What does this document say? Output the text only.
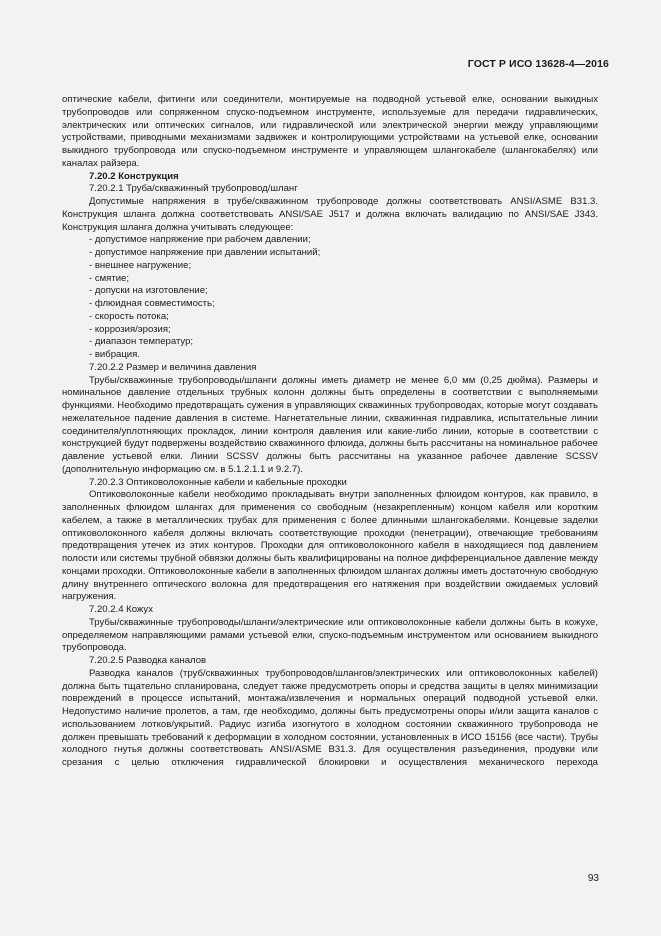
ГОСТ Р ИСО 13628-4—2016

оптические кабели, фитинги или соединители, монтируемые на подводной устьевой елке, основании выкидных трубопроводов или сопряженном спуско-подъемном инструменте, используемые для передачи гидравлических, электрических или оптических сигналов, или гидравлической или электрической энергии между управляющими устройствами, приводными механизмами задвижек и контролирующими устройствами на устьевой елке, основании выкидного трубопровода или спуско-подъемном инструменте и управляющем шлангокабеле (шлангокабелях) или каналах райзера.

7.20.2 Конструкция

7.20.2.1 Труба/скважинный трубопровод/шланг

Допустимые напряжения в трубе/скважинном трубопроводе должны соответствовать ANSI/ASME B31.3. Конструкция шланга должна соответствовать ANSI/SAE J517 и должна включать валидацию по ANSI/SAE J343. Конструкция шланга должна учитывать следующее:

- допустимое напряжение при рабочем давлении;

- допустимое напряжение при давлении испытаний;

- внешнее нагружение;

- смятие;

- допуски на изготовление;

- флюидная совместимость;

- скорость потока;

- коррозия/эрозия;

- диапазон температур;

- вибрация.

7.20.2.2 Размер и величина давления

Трубы/скважинные трубопроводы/шланги должны иметь диаметр не менее 6,0 мм (0,25 дюйма). Размеры и номинальное давление отдельных трубных колонн должны быть определены в соответствии с выполняемыми функциями. Необходимо предотвращать сужения в управляющих скважинных трубопроводах, которые могут создавать нежелательное падение давления в системе. Нагнетательные линии, скважинная гидравлика, испытательные линии соединителя/уплотняющих прокладок, линии контроля давления или какие-либо линии, которые в соответствии с конструкцией будут подвержены воздействию скважинного флюида, должны быть рассчитаны на номинальное рабочее давление устьевой елки. Линии SCSSV должны быть рассчитаны на указанное рабочее давление SCSSV (дополнительную информацию см. в 5.1.2.1.1 и 9.2.7).

7.20.2.3 Оптиковолоконные кабели и кабельные проходки

Оптиковолоконные кабели необходимо прокладывать внутри заполненных флюидом контуров, как правило, в заполненных флюидом шлангах для применения со свободным (незакрепленным) концом кабеля или коротким кабелем, а также в металлических трубах для применения с более длинными шлангокабелями. Концевые заделки оптиковолоконного кабеля должны включать соответствующие проходки (пенетрации), отвечающие требованиям предотвращения утечек из этих контуров. Проходки для оптиковолоконного кабеля в находящиеся под давлением полости или системы трубной обвязки должны быть квалифицированы на полное дифференциальное давление между концами проходки. Оптиковолоконные кабели в заполненных флюидом шлангах должны иметь достаточную свободную длину внутреннего оптического волокна для предотвращения его натяжения при воздействии ожидаемых условий нагружения.

7.20.2.4 Кожух

Трубы/скважинные трубопроводы/шланги/электрические или оптиковолоконные кабели должны быть в кожухе, определяемом направляющими рамами устьевой елки, спуско-подъемным инструментом или основанием выкидного трубопровода.

7.20.2.5 Разводка каналов

Разводка каналов (труб/скважинных трубопроводов/шлангов/электрических или оптиковолоконных кабелей) должна быть тщательно спланирована, следует также предусмотреть опоры и средства защиты в целях минимизации повреждений в процессе испытаний, монтажа/извлечения и нормальных операций подводной устьевой елки. Недопустимо наличие пролетов, а там, где необходимо, должны быть предусмотрены опоры и/или защита каналов с использованием лотков/укрытий. Радиус изгиба изогнутого в холодном состоянии скважинного трубопровода не должен превышать требований к деформации в холодном состоянии, установленных в ИСО 15156 (все части). Трубы холодного гнутья должны соответствовать ANSI/ASME B31.3. Для осуществления разъединения, продувки или срезания с целью отключения гидравлической блокировки и осуществления механического перехода

93
